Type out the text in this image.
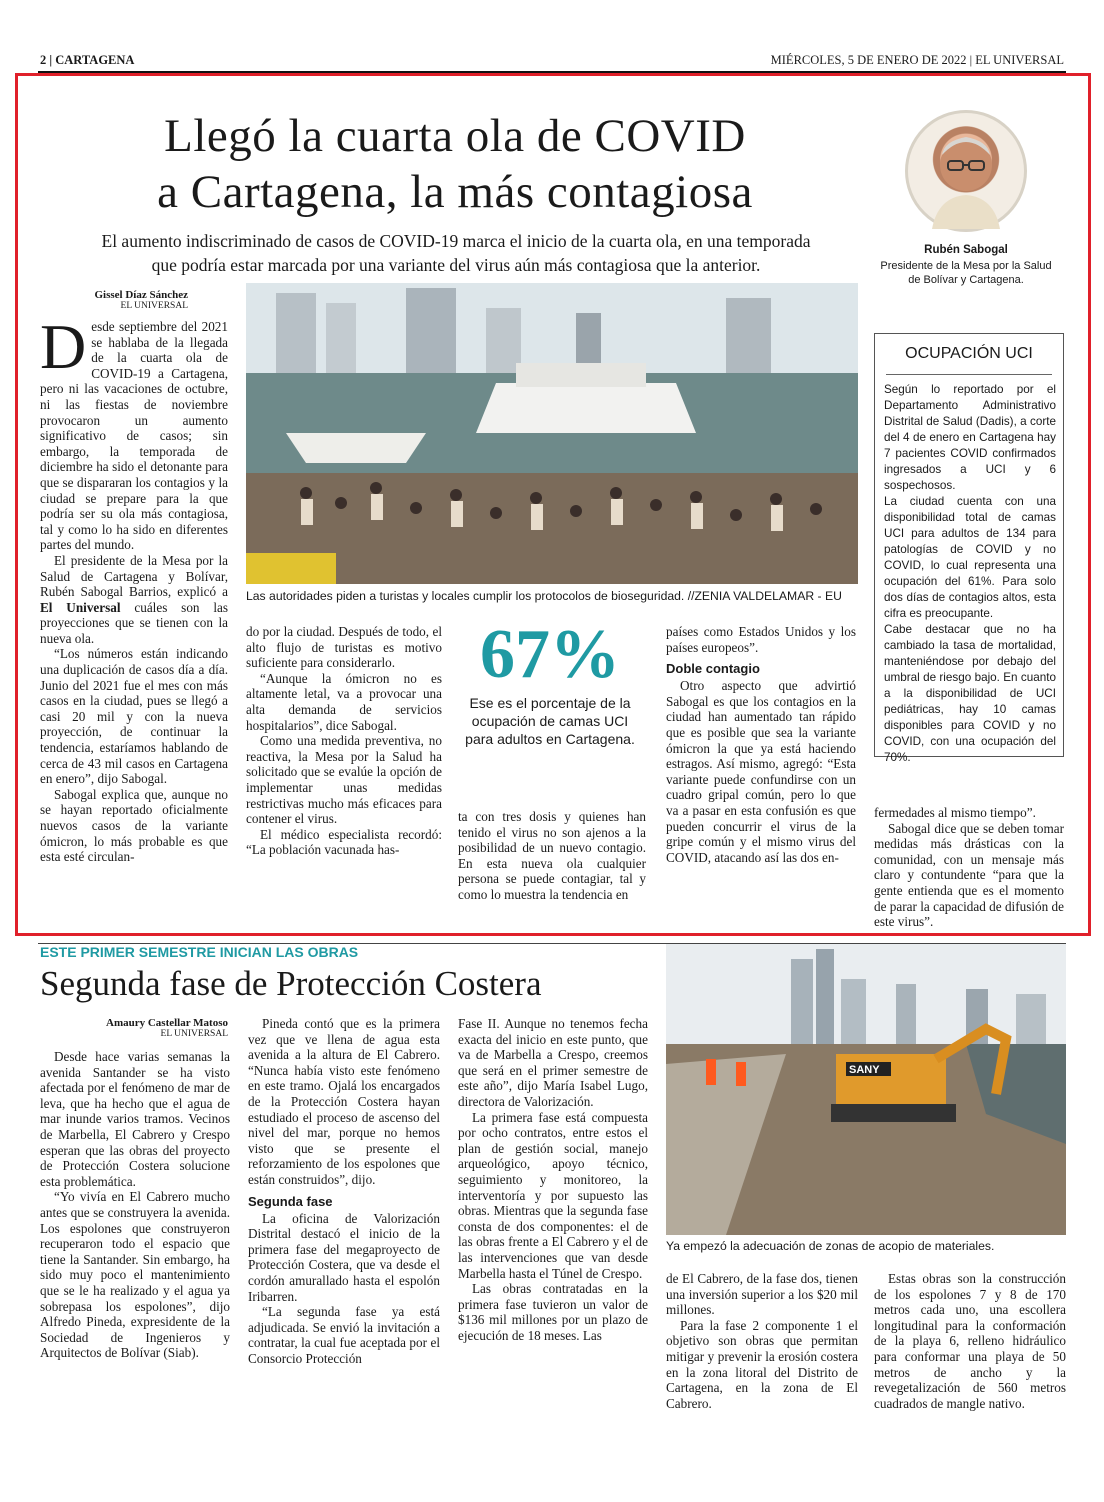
2 | CARTAGENA	MIÉRCOLES, 5 DE ENERO DE 2022 | EL UNIVERSAL
Llegó la cuarta ola de COVID
a Cartagena, la más contagiosa
El aumento indiscriminado de casos de COVID-19 marca el inicio de la cuarta ola, en una temporada
que podría estar marcada por una variante del virus aún más contagiosa que la anterior.
Rubén Sabogal
Presidente de la Mesa por la Salud
de Bolívar y Cartagena.
Gissel Díaz Sánchez
EL UNIVERSAL

Desde septiembre del 2021 se hablaba de la llegada de la cuarta ola de COVID-19 a Cartagena, pero ni las vacaciones de octubre, ni las fiestas de noviembre provocaron un aumento significativo de casos; sin embargo, la temporada de diciembre ha sido el detonante para que se dispararan los contagios y la ciudad se prepare para la que podría ser su ola más contagiosa, tal y como lo ha sido en diferentes partes del mundo.

El presidente de la Mesa por la Salud de Cartagena y Bolívar, Rubén Sabogal Barrios, explicó a El Universal cuáles son las proyecciones que se tienen con la nueva ola.

“Los números están indicando una duplicación de casos día a día. Junio del 2021 fue el mes con más casos en la ciudad, pues se llegó a casi 20 mil y con la nueva proyección, de continuar la tendencia, estaríamos hablando de cerca de 43 mil casos en Cartagena en enero”, dijo Sabogal.

Sabogal explica que, aunque no se hayan reportado oficialmente nuevos casos de la variante ómicron, lo más probable es que esta esté circulan-

Las autoridades piden a turistas y locales cumplir los protocolos de bioseguridad. //ZENIA VALDELAMAR - EU

do por la ciudad. Después de todo, el alto flujo de turistas es motivo suficiente para considerarlo.

“Aunque la ómicron no es altamente letal, va a provocar una alta demanda de servicios hospitalarios”, dice Sabogal.

Como una medida preventiva, no reactiva, la Mesa por la Salud ha solicitado que se evalúe la opción de implementar unas medidas restrictivas mucho más eficaces para contener el virus.

El médico especialista recordó: “La población vacunada has-

67%
Ese es el porcentaje de la ocupación de camas UCI para adultos en Cartagena.

ta con tres dosis y quienes han tenido el virus no son ajenos a la posibilidad de un nuevo contagio. En esta nueva ola cualquier persona se puede contagiar, tal y como lo muestra la tendencia en

países como Estados Unidos y los países europeos”.

Doble contagio

Otro aspecto que advirtió Sabogal es que los contagios en la ciudad han aumentado tan rápido que es posible que sea la variante ómicron la que ya está haciendo estragos. Así mismo, agregó: “Esta variante puede confundirse con un cuadro gripal común, pero lo que va a pasar en esta confusión es que pueden concurrir el virus de la gripe común y el mismo virus del COVID, atacando así las dos en-

OCUPACIÓN UCI

Según lo reportado por el Departamento Administrativo Distrital de Salud (Dadis), a corte del 4 de enero en Cartagena hay 7 pacientes COVID confirmados ingresados a UCI y 6 sospechosos.

La ciudad cuenta con una disponibilidad total de camas UCI para adultos de 134 para patologías de COVID y no COVID, lo cual representa una ocupación del 61%. Para solo dos días de contagios altos, esta cifra es preocupante.

Cabe destacar que no ha cambiado la tasa de mortalidad, manteniéndose por debajo del umbral de riesgo bajo. En cuanto a la disponibilidad de UCI pediátricas, hay 10 camas disponibles para COVID y no COVID, con una ocupación del 70%.

fermedades al mismo tiempo”.

Sabogal dice que se deben tomar medidas más drásticas con la comunidad, con un mensaje más claro y contundente “para que la gente entienda que es el momento de parar la capacidad de difusión de este virus”.

ESTE PRIMER SEMESTRE INICIAN LAS OBRAS
Segunda fase de Protección Costera
Amaury Castellar Matoso
EL UNIVERSAL

Desde hace varias semanas la avenida Santander se ha visto afectada por el fenómeno de mar de leva, que ha hecho que el agua de mar inunde varios tramos. Vecinos de Marbella, El Cabrero y Crespo esperan que las obras del proyecto de Protección Costera solucione esta problemática.

“Yo vivía en El Cabrero mucho antes que se construyera la avenida. Los espolones que construyeron recuperaron todo el espacio que tiene la Santander. Sin embargo, ha sido muy poco el mantenimiento que se le ha realizado y el agua ya sobrepasa los espolones”, dijo Alfredo Pineda, expresidente de la Sociedad de Ingenieros y Arquitectos de Bolívar (Siab).

Pineda contó que es la primera vez que ve llena de agua esta avenida a la altura de El Cabrero. “Nunca había visto este fenómeno en este tramo. Ojalá los encargados de la Protección Costera hayan estudiado el proceso de ascenso del nivel del mar, porque no hemos visto que se presente el reforzamiento de los espolones que están construidos”, dijo.

Segunda fase

La oficina de Valorización Distrital destacó el inicio de la primera fase del megaproyecto de Protección Costera, que va desde el cordón amurallado hasta el espolón Iribarren.

“La segunda fase ya está adjudicada. Se envió la invitación a contratar, la cual fue aceptada por el Consorcio Protección

Fase II. Aunque no tenemos fecha exacta del inicio en este punto, que va de Marbella a Crespo, creemos que será en el primer semestre de este año”, dijo María Isabel Lugo, directora de Valorización.

La primera fase está compuesta por ocho contratos, entre estos el plan de gestión social, manejo arqueológico, apoyo técnico, seguimiento y monitoreo, la interventoría y por supuesto las obras. Mientras que la segunda fase consta de dos componentes: el de las obras frente a El Cabrero y el de las intervenciones que van desde Marbella hasta el Túnel de Crespo.

Las obras contratadas en la primera fase tuvieron un valor de $136 mil millones por un plazo de ejecución de 18 meses. Las

SANY
Ya empezó la adecuación de zonas de acopio de materiales.

de El Cabrero, de la fase dos, tienen una inversión superior a los $20 mil millones.

Para la fase 2 componente 1 el objetivo son obras que permitan mitigar y prevenir la erosión costera en la zona litoral del Distrito de Cartagena, en la zona de El Cabrero.

Estas obras son la construcción de los espolones 7 y 8 de 170 metros cada uno, una escollera longitudinal para la conformación de la playa 6, relleno hidráulico para conformar una playa de 50 metros de ancho y la revegetalización de 560 metros cuadrados de mangle nativo.
